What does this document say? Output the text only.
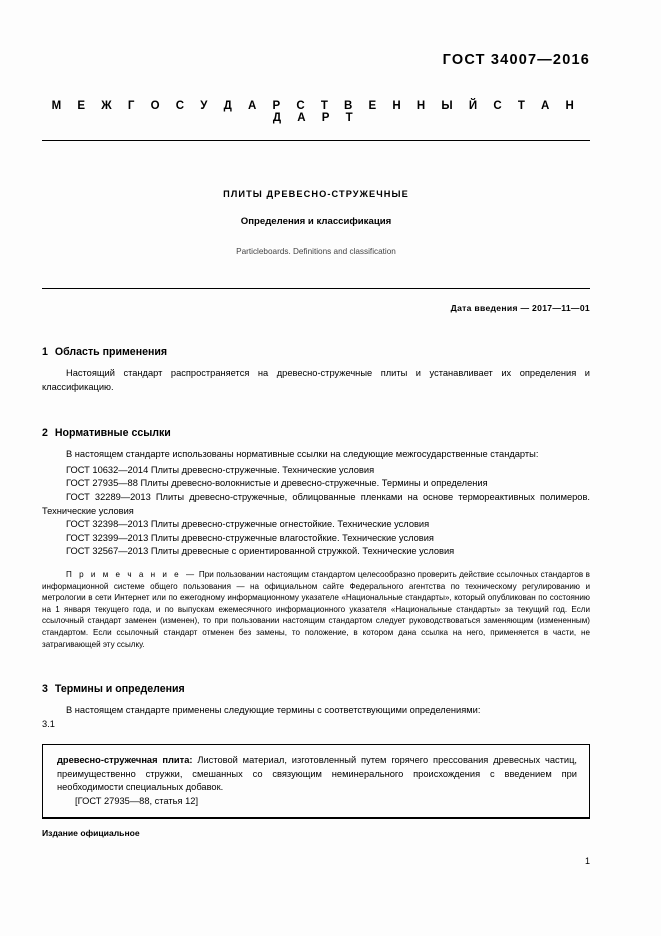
ГОСТ 34007—2016
М Е Ж Г О С У Д А Р С Т В Е Н Н Ы Й С Т А Н Д А Р Т
ПЛИТЫ ДРЕВЕСНО-СТРУЖЕЧНЫЕ
Определения и классификация
Particleboards. Definitions and classification
Дата введения — 2017—11—01
1 Область применения

Настоящий стандарт распространяется на древесно-стружечные плиты и устанавливает их определения и классификацию.

2 Нормативные ссылки

В настоящем стандарте использованы нормативные ссылки на следующие межгосударственные стандарты:

ГОСТ 10632—2014 Плиты древесно-стружечные. Технические условия
ГОСТ 27935—88 Плиты древесно-волокнистые и древесно-стружечные. Термины и определения
ГОСТ 32289—2013 Плиты древесно-стружечные, облицованные пленками на основе термореактивных полимеров. Технические условия
ГОСТ 32398—2013 Плиты древесно-стружечные огнестойкие. Технические условия
ГОСТ 32399—2013 Плиты древесно-стружечные влагостойкие. Технические условия
ГОСТ 32567—2013 Плиты древесные с ориентированной стружкой. Технические условия
П р и м е ч а н и е — При пользовании настоящим стандартом целесообразно проверить действие ссылочных стандартов в информационной системе общего пользования — на официальном сайте Федерального агентства по техническому регулированию и метрологии в сети Интернет или по ежегодному информационному указателе «Национальные стандарты», который опубликован по состоянию на 1 января текущего года, и по выпускам ежемесячного информационного указателя «Национальные стандарты» за текущий год. Если ссылочный стандарт заменен (изменен), то при пользовании настоящим стандартом следует руководствоваться заменяющим (измененным) стандартом. Если ссылочный стандарт отменен без замены, то положение, в котором дана ссылка на него, применяется в части, не затрагивающей эту ссылку.
3 Термины и определения

В настоящем стандарте применены следующие термины с соответствующими определениями:

3.1
древесно-стружечная плита: Листовой материал, изготовленный путем горячего прессования древесных частиц, преимущественно стружки, смешанных со связующим неминерального происхождения с введением при необходимости специальных добавок.
[ГОСТ 27935—88, статья 12]
Издание официальное
1
